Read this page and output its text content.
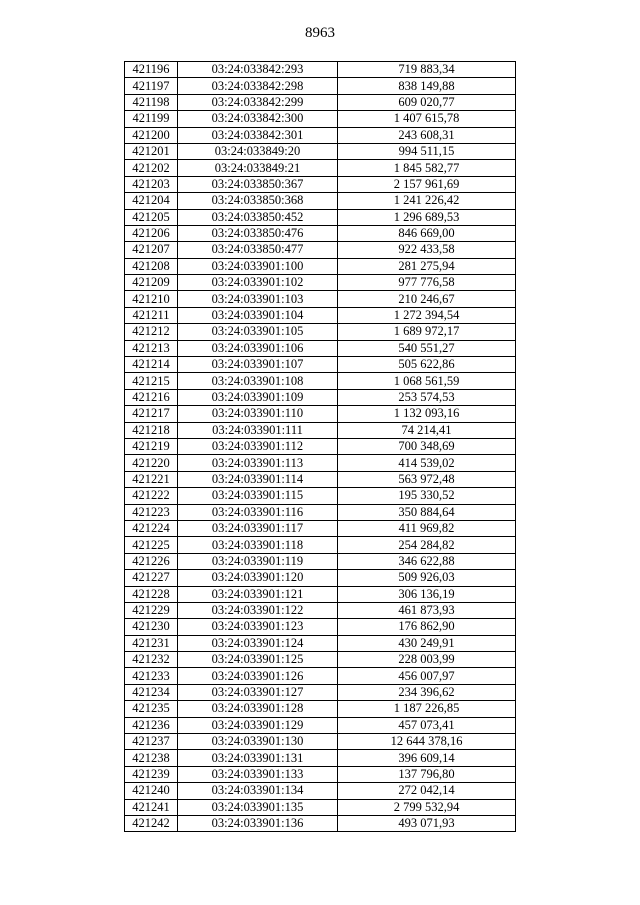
8963
421196	03:24:033842:293	719 883,34
421197	03:24:033842:298	838 149,88
421198	03:24:033842:299	609 020,77
421199	03:24:033842:300	1 407 615,78
421200	03:24:033842:301	243 608,31
421201	03:24:033849:20	994 511,15
421202	03:24:033849:21	1 845 582,77
421203	03:24:033850:367	2 157 961,69
421204	03:24:033850:368	1 241 226,42
421205	03:24:033850:452	1 296 689,53
421206	03:24:033850:476	846 669,00
421207	03:24:033850:477	922 433,58
421208	03:24:033901:100	281 275,94
421209	03:24:033901:102	977 776,58
421210	03:24:033901:103	210 246,67
421211	03:24:033901:104	1 272 394,54
421212	03:24:033901:105	1 689 972,17
421213	03:24:033901:106	540 551,27
421214	03:24:033901:107	505 622,86
421215	03:24:033901:108	1 068 561,59
421216	03:24:033901:109	253 574,53
421217	03:24:033901:110	1 132 093,16
421218	03:24:033901:111	74 214,41
421219	03:24:033901:112	700 348,69
421220	03:24:033901:113	414 539,02
421221	03:24:033901:114	563 972,48
421222	03:24:033901:115	195 330,52
421223	03:24:033901:116	350 884,64
421224	03:24:033901:117	411 969,82
421225	03:24:033901:118	254 284,82
421226	03:24:033901:119	346 622,88
421227	03:24:033901:120	509 926,03
421228	03:24:033901:121	306 136,19
421229	03:24:033901:122	461 873,93
421230	03:24:033901:123	176 862,90
421231	03:24:033901:124	430 249,91
421232	03:24:033901:125	228 003,99
421233	03:24:033901:126	456 007,97
421234	03:24:033901:127	234 396,62
421235	03:24:033901:128	1 187 226,85
421236	03:24:033901:129	457 073,41
421237	03:24:033901:130	12 644 378,16
421238	03:24:033901:131	396 609,14
421239	03:24:033901:133	137 796,80
421240	03:24:033901:134	272 042,14
421241	03:24:033901:135	2 799 532,94
421242	03:24:033901:136	493 071,93
